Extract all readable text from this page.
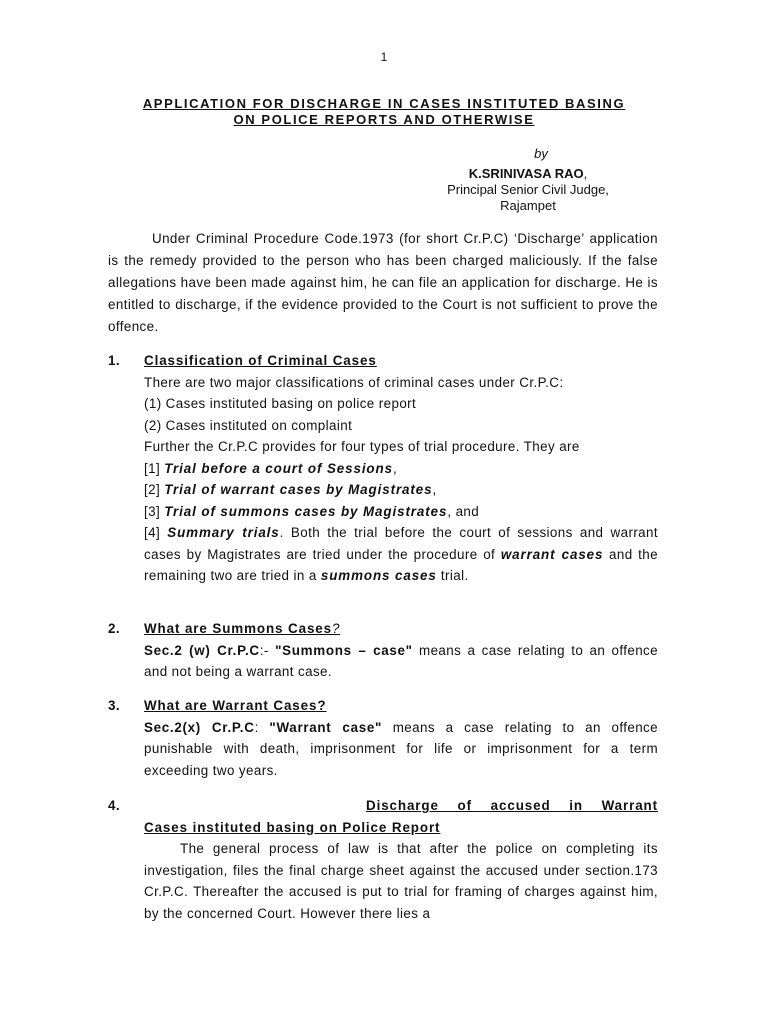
1
APPLICATION FOR DISCHARGE IN CASES INSTITUTED BASING
ON POLICE REPORTS AND OTHERWISE
by
K.SRINIVASA RAO,
Principal Senior Civil Judge,
Rajampet
Under Criminal Procedure Code.1973 (for short Cr.P.C) ‘Discharge’ application is the remedy provided to the person who has been charged maliciously. If the false allegations have been made against him, he can file an application for discharge. He is entitled to discharge, if the evidence provided to the Court is not sufficient to prove the offence.
1. Classification of Criminal Cases
There are two major classifications of criminal cases under Cr.P.C:
(1) Cases instituted basing on police report
(2) Cases instituted on complaint
Further the Cr.P.C provides for four types of trial procedure. They are
[1] Trial before a court of Sessions,
[2] Trial of warrant cases by Magistrates,
[3] Trial of summons cases by Magistrates, and
[4] Summary trials. Both the trial before the court of sessions and warrant cases by Magistrates are tried under the procedure of warrant cases and the remaining two are tried in a summons cases trial.
2. What are Summons Cases?
Sec.2 (w) Cr.P.C:- "Summons – case" means a case relating to an offence and not being a warrant case.
3. What are Warrant Cases?
Sec.2(x) Cr.P.C: "Warrant case" means a case relating to an offence punishable with death, imprisonment for life or imprisonment for a term exceeding two years.
4.	Discharge of accused in Warrant
Cases instituted basing on Police Report
The general process of law is that after the police on completing its investigation, files the final charge sheet against the accused under section.173 Cr.P.C. Thereafter the accused is put to trial for framing of charges against him, by the concerned Court. However there lies a
